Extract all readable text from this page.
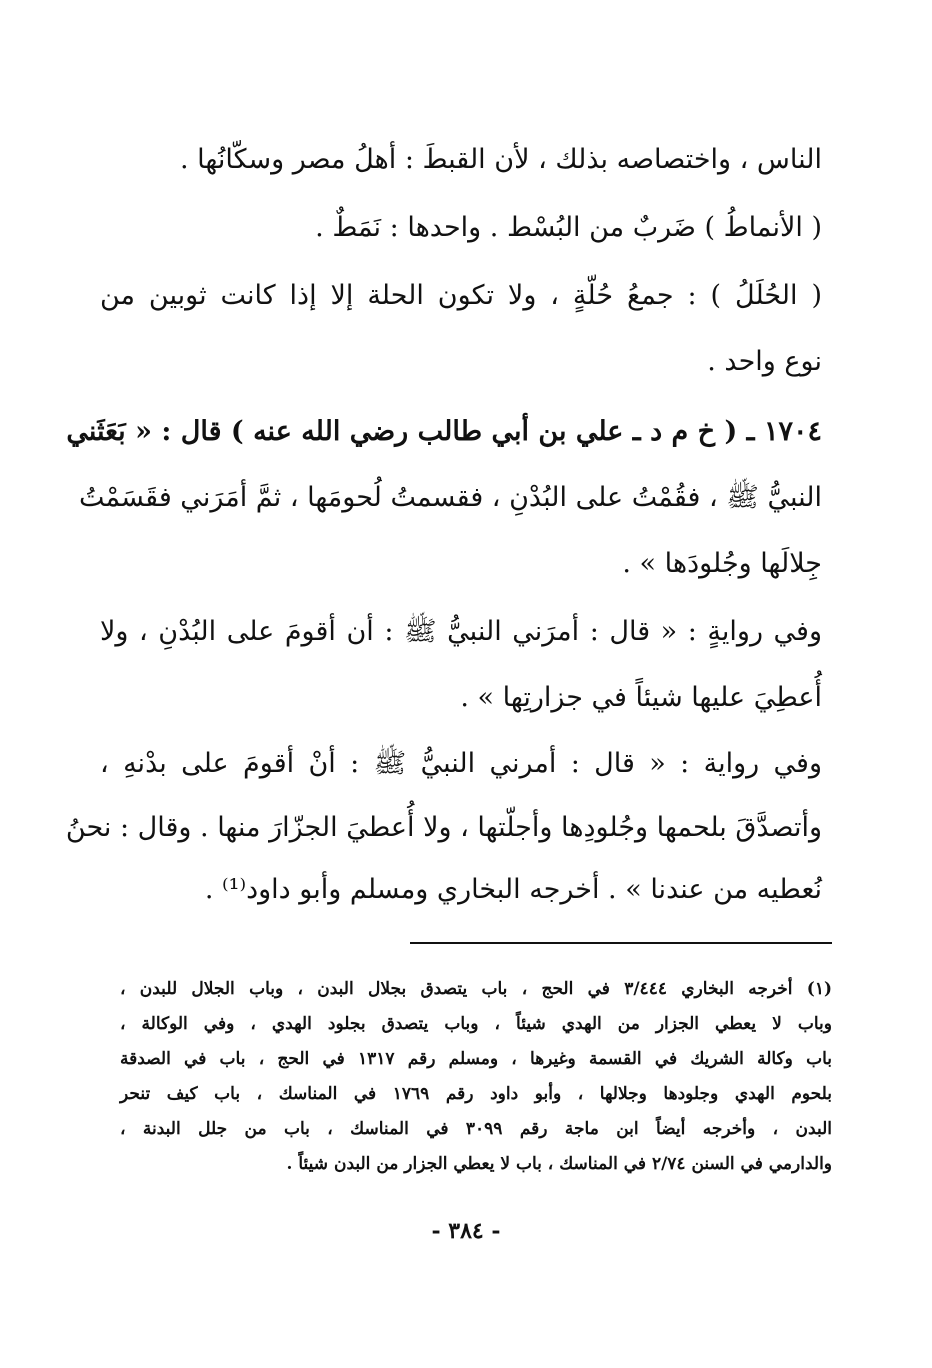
الناس ، واختصاصه بذلك ، لأن القبطَ : أهلُ مصر وسكّانُها .
( الأنماطُ ) ضَربٌ من البُسْط . واحدها : نَمَطٌ .
( الحُلَلُ ) : جمعُ حُلّةٍ ، ولا تكون الحلة إلا إذا كانت ثوبين من
نوع واحد .
١٧٠٤ ـ ( خ م د ـ علي بن أبي طالب رضي الله عنه ) قال : « بَعَثَني
النبيُّ ﷺ ، فقُمْتُ على البُدْنِ ، فقسمتُ لُحومَها ، ثمَّ أمَرَني فقَسَمْتُ
جِلالَها وجُلودَها » .
وفي روايةٍ : « قال : أمرَني النبيُّ ﷺ : أن أقومَ على البُدْنِ ، ولا
أُعطِيَ عليها شيئاً في جزارتِها » .
وفي رواية : « قال : أمرني النبيُّ ﷺ : أنْ أقومَ على بدْنهِ ،
وأتصدَّقَ بلحمها وجُلودِها وأجلّتها ، ولا أُعطيَ الجزّارَ منها . وقال : نحنُ
نُعطيه من عندنا » . أخرجه البخاري ومسلم وأبو داود⁽¹⁾ .
(١) أخرجه البخاري ٣/٤٤٤ في الحج ، باب يتصدق بجلال البدن ، وباب الجلال للبدن ،
وباب لا يعطي الجزار من الهدي شيئاً ، وباب يتصدق بجلود الهدي ، وفي الوكالة ،
باب وكالة الشريك في القسمة وغيرها ، ومسلم رقم ١٣١٧ في الحج ، باب في الصدقة
بلحوم الهدي وجلودها وجلالها ، وأبو داود رقم ١٧٦٩ في المناسك ، باب كيف تنحر
البدن ، وأخرجه أيضاً ابن ماجة رقم ٣٠٩٩ في المناسك ، باب من جلل البدنة ،
والدارمي في السنن ٢/٧٤ في المناسك ، باب لا يعطي الجزار من البدن شيئاً .
- ٣٨٤ -
